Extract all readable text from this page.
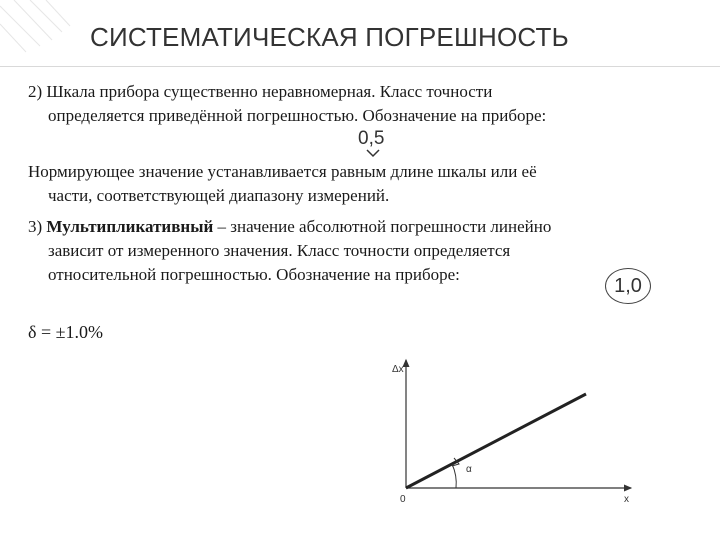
СИСТЕМАТИЧЕСКАЯ ПОГРЕШНОСТЬ
2) Шкала прибора существенно неравномерная. Класс точности
определяется приведённой погрешностью. Обозначение на приборе:
0,5
Нормирующее значение устанавливается равным длине шкалы или её
части, соответствующей диапазону измерений.
3) Мультипликативный – значение абсолютной погрешности линейно
зависит от измеренного значения. Класс точности определяется
относительной погрешностью. Обозначение на приборе:	1,0
δ = ±1.0%
Δx
x
0
α
